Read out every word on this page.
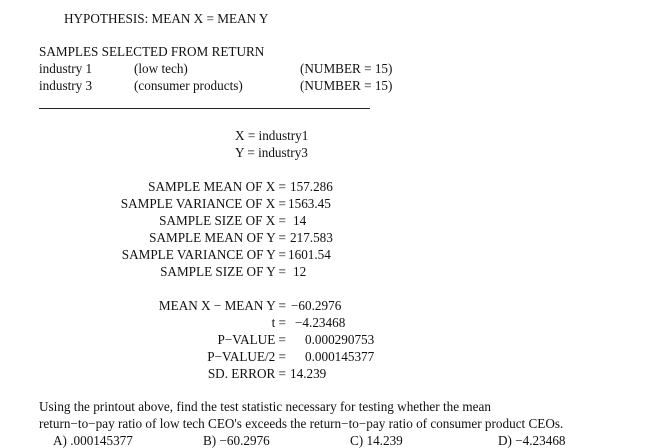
HYPOTHESIS: MEAN X = MEAN Y
SAMPLES SELECTED FROM RETURN
industry 1	(low tech)	(NUMBER = 15)
industry 3	(consumer products)	(NUMBER = 15)
X = industry1
Y = industry3
SAMPLE MEAN OF X = 157.286
SAMPLE VARIANCE OF X = 1563.45
SAMPLE SIZE OF X = 14
SAMPLE MEAN OF Y = 217.583
SAMPLE VARIANCE OF Y = 1601.54
SAMPLE SIZE OF Y = 12
MEAN X − MEAN Y = −60.2976
t = −4.23468
P−VALUE = 0.000290753
P−VALUE/2 = 0.000145377
SD. ERROR = 14.239
Using the printout above, find the test statistic necessary for testing whether the mean
return−to−pay ratio of low tech CEO's exceeds the return−to−pay ratio of consumer product CEOs.
A) .000145377	B) −60.2976	C) 14.239	D) −4.23468
